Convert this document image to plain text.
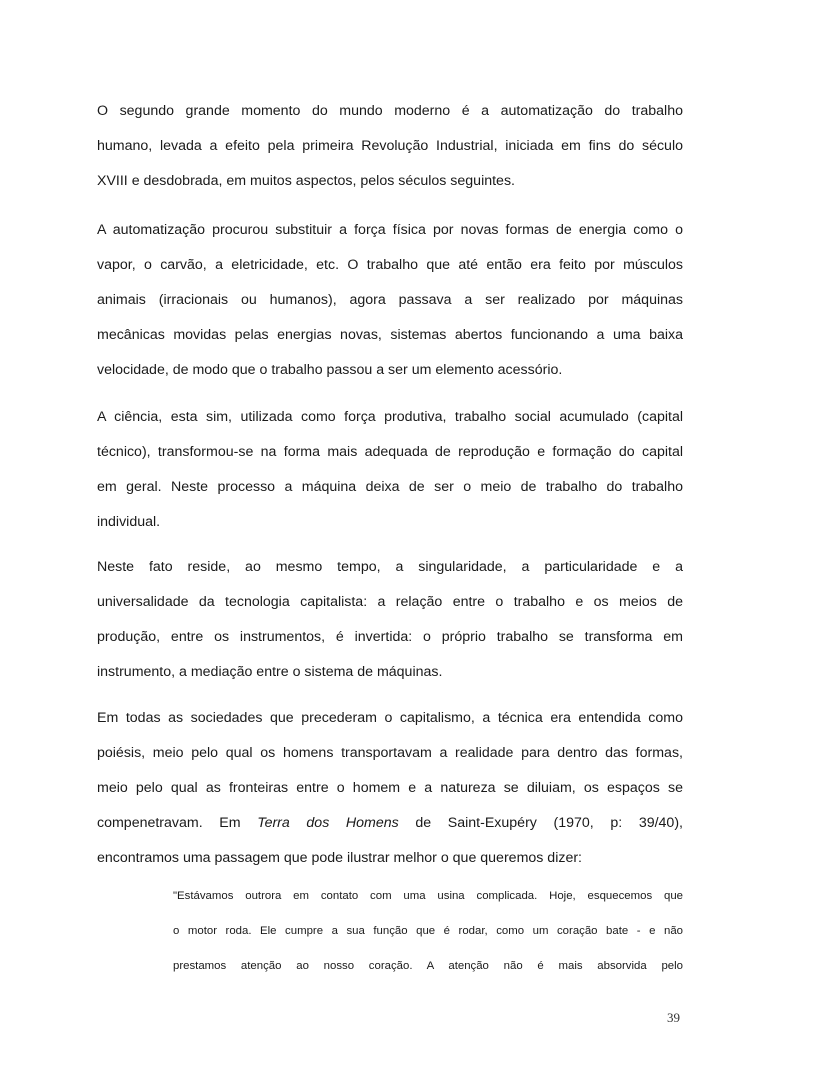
O segundo grande momento do mundo moderno é a automatização do trabalho
humano, levada a efeito pela primeira Revolução Industrial, iniciada em fins do século
XVIII e desdobrada, em muitos aspectos, pelos séculos seguintes.

A automatização procurou substituir a força física por novas formas de energia como o
vapor, o carvão, a eletricidade, etc. O trabalho que até então era feito por músculos
animais (irracionais ou humanos), agora passava a ser realizado por máquinas
mecânicas movidas pelas energias novas, sistemas abertos funcionando a uma baixa
velocidade, de modo que o trabalho passou a ser um elemento acessório.

A ciência, esta sim, utilizada como força produtiva, trabalho social acumulado (capital
técnico), transformou-se na forma mais adequada de reprodução e formação do capital
em geral. Neste processo a máquina deixa de ser o meio de trabalho do trabalho
individual.

Neste fato reside, ao mesmo tempo, a singularidade, a particularidade e a
universalidade da tecnologia capitalista: a relação entre o trabalho e os meios de
produção, entre os instrumentos, é invertida: o próprio trabalho se transforma em
instrumento, a mediação entre o sistema de máquinas.

Em todas as sociedades que precederam o capitalismo, a técnica era entendida como
poiésis, meio pelo qual os homens transportavam a realidade para dentro das formas,
meio pelo qual as fronteiras entre o homem e a natureza se diluiam, os espaços se
compenetravam. Em Terra dos Homens de Saint-Exupéry (1970, p: 39/40),
encontramos uma passagem que pode ilustrar melhor o que queremos dizer:

"Estávamos outrora em contato com uma usina complicada. Hoje, esquecemos que
o motor roda. Ele cumpre a sua função que é rodar, como um coração bate - e não
prestamos atenção ao nosso coração. A atenção não é mais absorvida pelo

39
